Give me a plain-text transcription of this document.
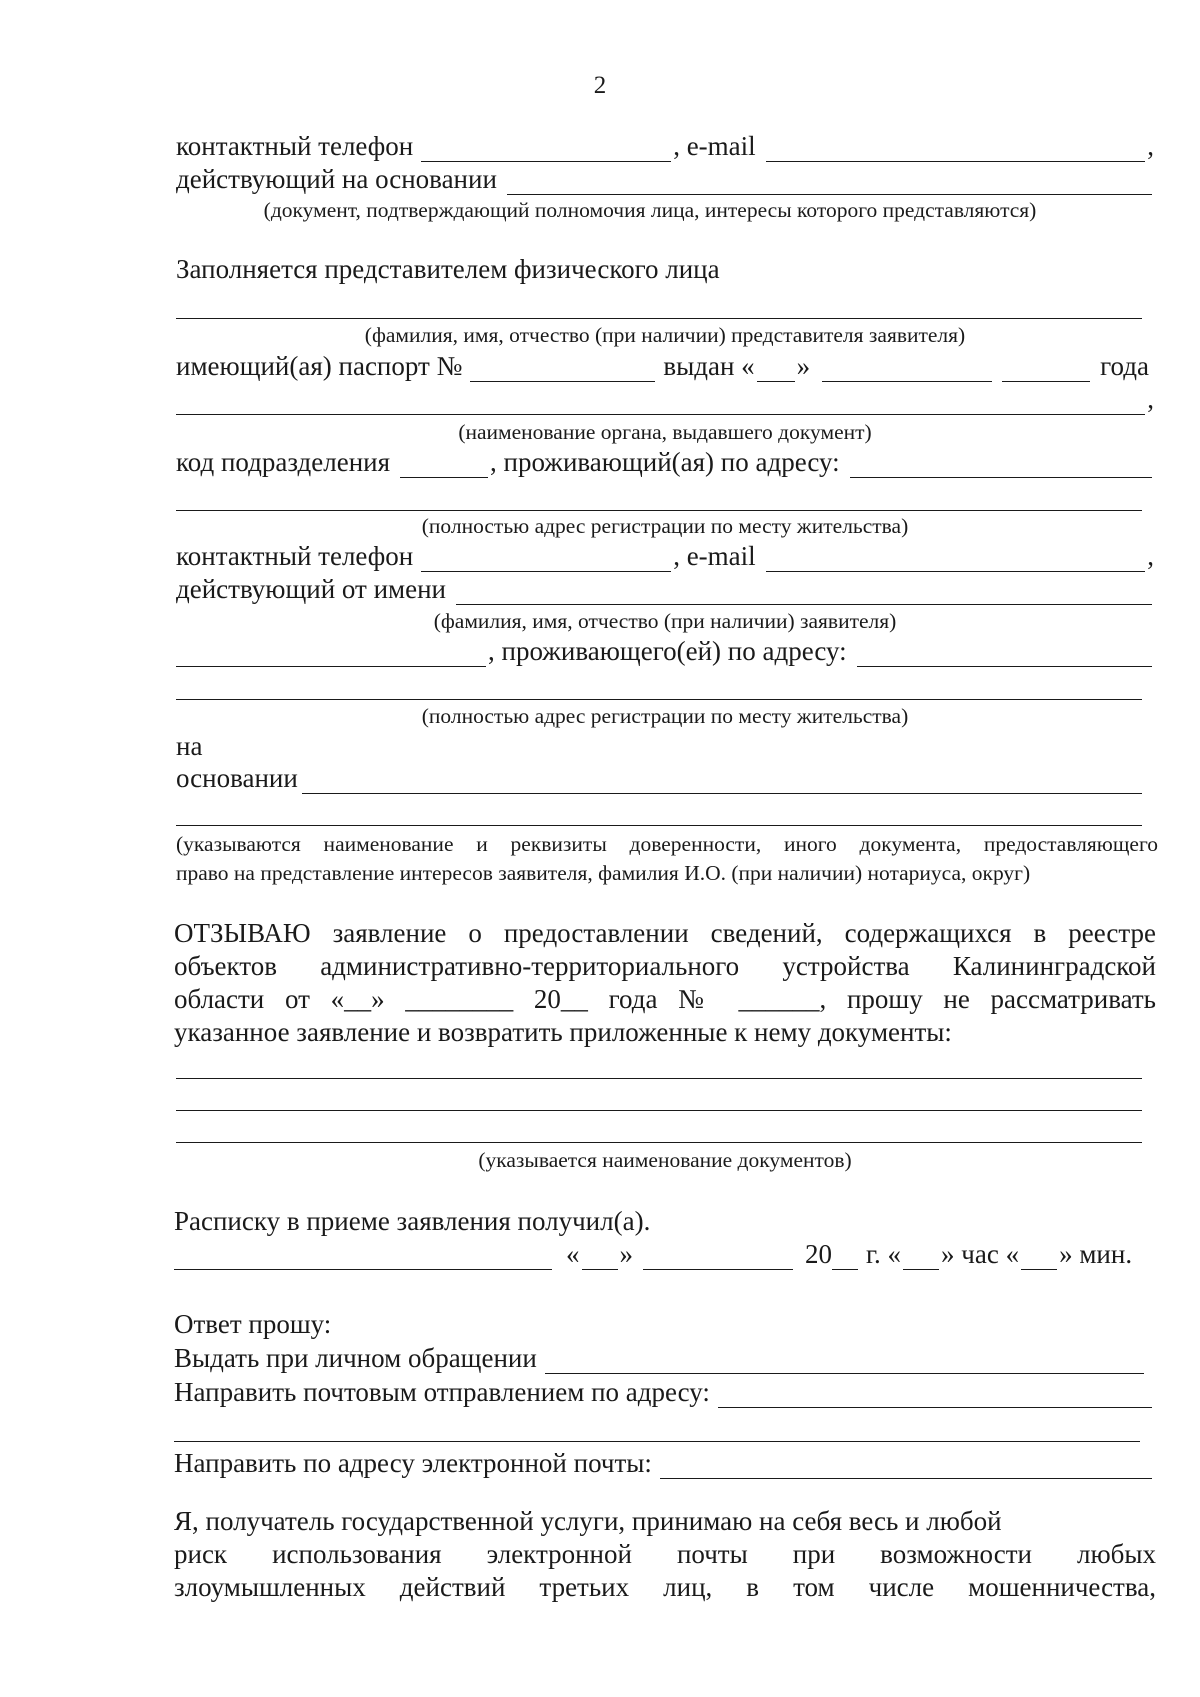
2
контактный телефон	, e-mail	,
действующий на основании
(документ, подтверждающий полномочия лица, интересы которого представляются)
Заполняется представителем физического лица
(фамилия, имя, отчество (при наличии) представителя заявителя)
имеющий(ая) паспорт №	выдан « »	года
,
(наименование органа, выдавшего документ)
код подразделения	, проживающий(ая) по адресу:
(полностью адрес регистрации по месту жительства)
контактный телефон	, e-mail	,
действующий от имени
(фамилия, имя, отчество (при наличии) заявителя)
, проживающего(ей) по адресу:
(полностью адрес регистрации по месту жительства)
на
основании
(указываются наименование и реквизиты доверенности, иного документа, предоставляющего
право на представление интересов заявителя, фамилия И.О. (при наличии) нотариуса, округ)
ОТЗЫВАЮ заявление о предоставлении сведений, содержащихся в реестре
объектов административно-территориального устройства Калининградской
области от «__» ________ 20__ года № ______, прошу не рассматривать
указанное заявление и возвратить приложенные к нему документы:
(указывается наименование документов)
Расписку в приеме заявления получил(а).
« »	20 г. « » час « » мин.
Ответ прошу:
Выдать при личном обращении
Направить почтовым отправлением по адресу:
Направить по адресу электронной почты:
Я, получатель государственной услуги, принимаю на себя весь и любой
риск использования электронной почты при возможности любых
злоумышленных действий третьих лиц, в том числе мошенничества,
